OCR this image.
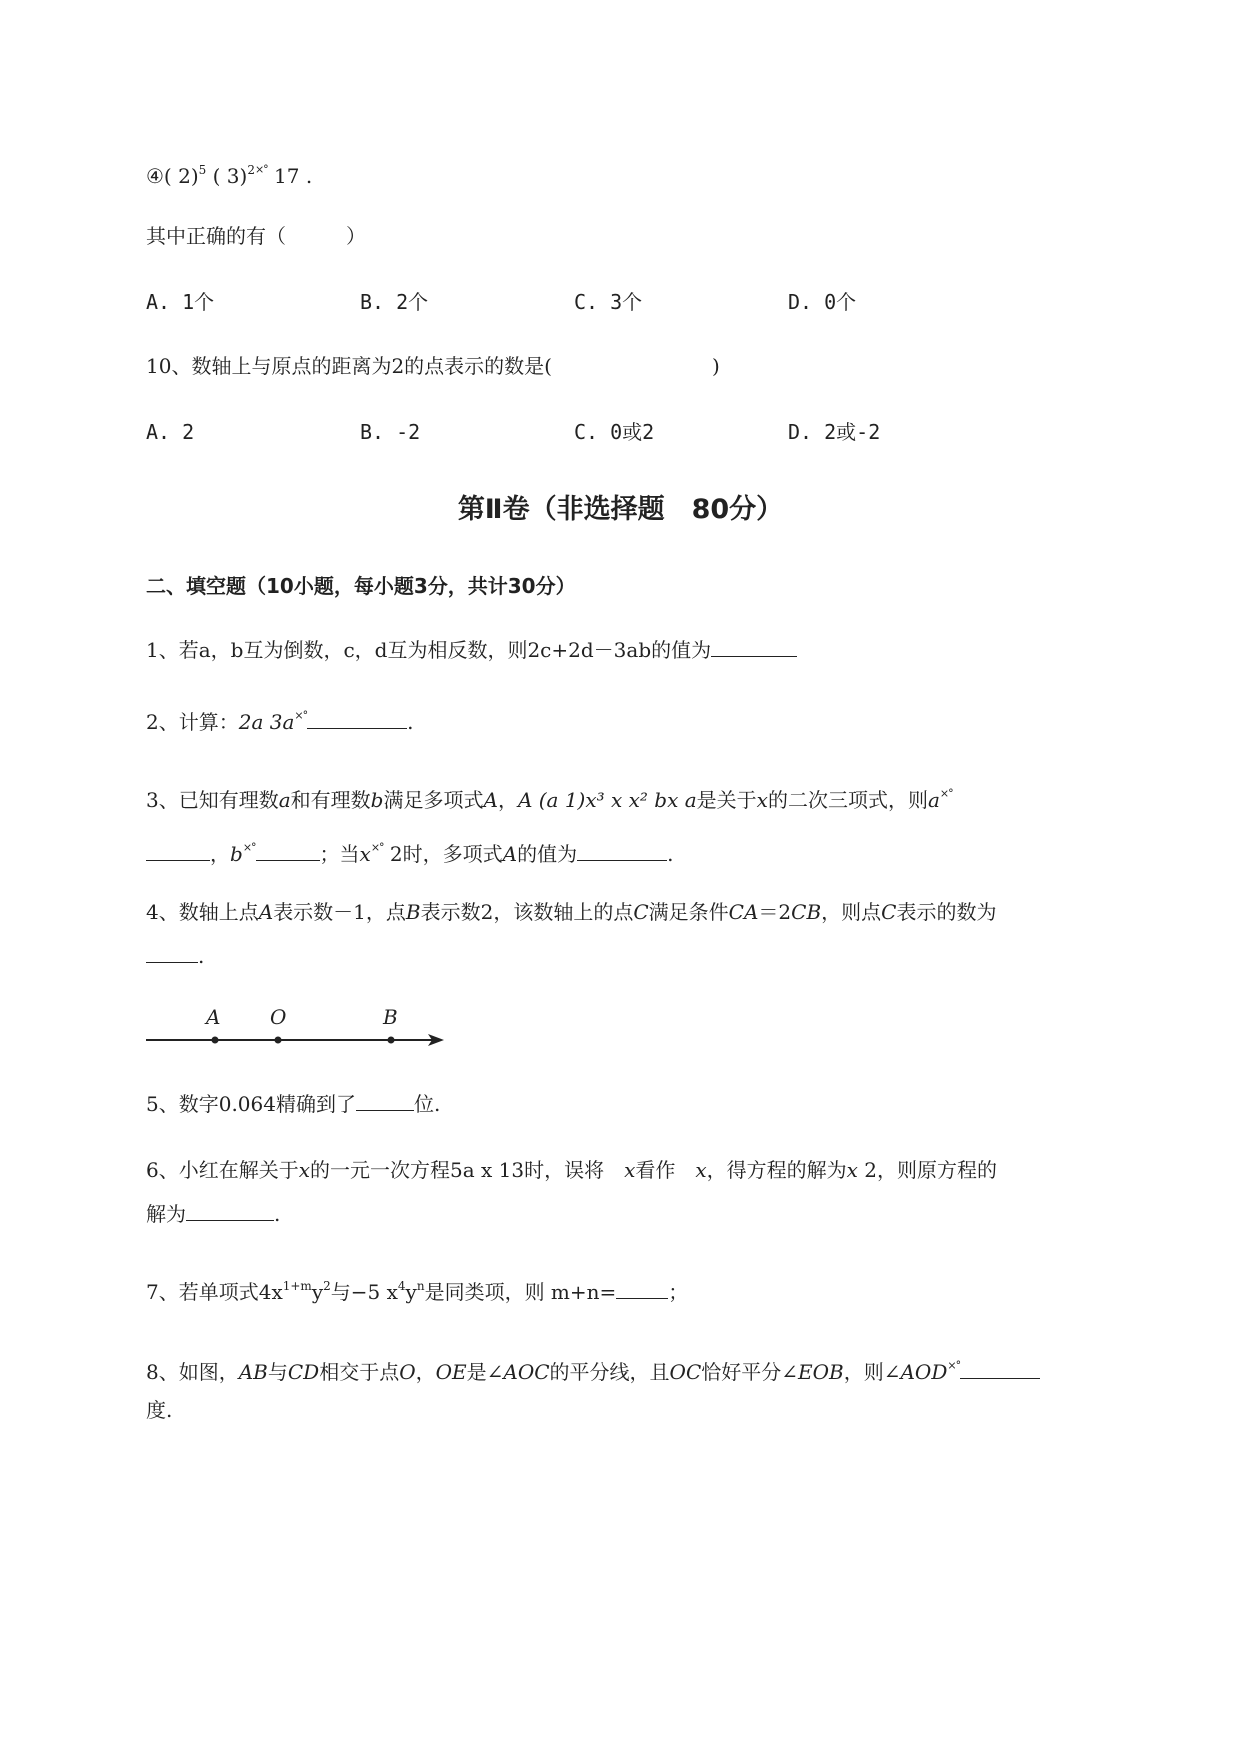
④( 2)$^5$ ( 3)$^{2\times^\circ}$ 17 .
其中正确的有（　　　）
A. 1个	B. 2个	C. 3个	D. 0个
10、数轴上与原点的距离为2的点表示的数是(　　　　　　　　)
A. 2	B. -2	C. 0或2	D. 2或-2
第Ⅱ卷（非选择题　80分）
二、填空题（10小题，每小题3分，共计30分）
1、若a，b互为倒数，c，d互为相反数，则2c+2d－3ab的值为
2、计算：2a 3a×°	.
3、已知有理数a和有理数b满足多项式A，A (a 1)x³ x x² bx a是关于x的二次三项式，则a×°
，b×°	；当x×° 2时，多项式A的值为	.
4、数轴上点A表示数－1，点B表示数2，该数轴上的点C满足条件CA＝2CB，则点C表示的数为
.
A O	B
5、数字0.064精确到了	位.
6、小红在解关于x的一元一次方程5a x 13时，误将　 x看作　 x，得方程的解为x 2，则原方程的
解为	.
7、若单项式$4x^{1+m}y^2$与−5 $x^4y^n$是同类项，则 m+n=	；
8、如图，AB与CD相交于点O，OE是∠AOC的平分线，且OC恰好平分∠EOB，则∠AOD×°
度.
